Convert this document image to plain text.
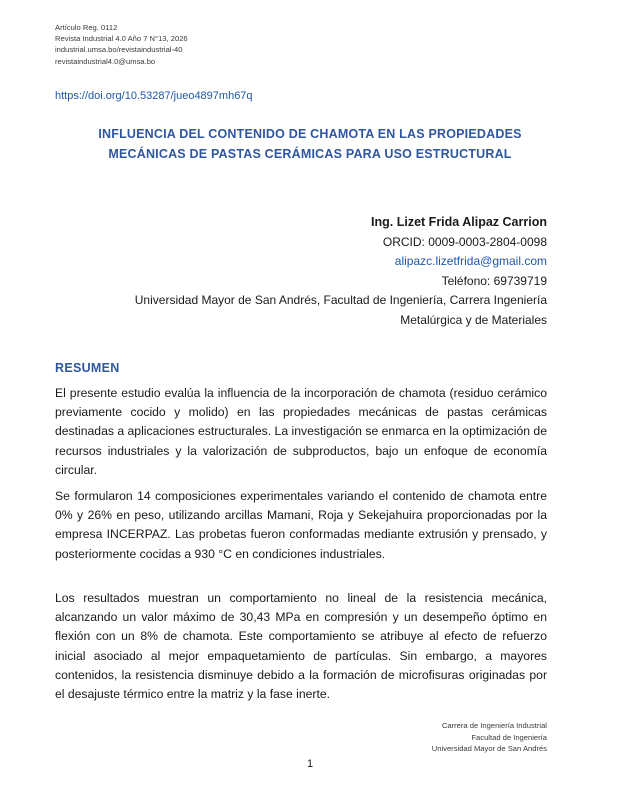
Artículo Reg. 0112
Revista Industrial 4.0 Año 7 N°13, 2026
industrial.umsa.bo/revistaindustrial-40
revistaindustrial4.0@umsa.bo
https://doi.org/10.53287/jueo4897mh67q
INFLUENCIA DEL CONTENIDO DE CHAMOTA EN LAS PROPIEDADES
MECÁNICAS DE PASTAS CERÁMICAS PARA USO ESTRUCTURAL
Ing. Lizet Frida Alipaz Carrion
ORCID: 0009-0003-2804-0098
alipazc.lizetfrida@gmail.com
Teléfono: 69739719
Universidad Mayor de San Andrés, Facultad de Ingeniería, Carrera Ingeniería
Metalúrgica y de Materiales
RESUMEN
El presente estudio evalúa la influencia de la incorporación de chamota (residuo cerámico previamente cocido y molido) en las propiedades mecánicas de pastas cerámicas destinadas a aplicaciones estructurales. La investigación se enmarca en la optimización de recursos industriales y la valorización de subproductos, bajo un enfoque de economía circular.
Se formularon 14 composiciones experimentales variando el contenido de chamota entre 0% y 26% en peso, utilizando arcillas Mamani, Roja y Sekejahuira proporcionadas por la empresa INCERPAZ. Las probetas fueron conformadas mediante extrusión y prensado, y posteriormente cocidas a 930 °C en condiciones industriales.
Los resultados muestran un comportamiento no lineal de la resistencia mecánica, alcanzando un valor máximo de 30,43 MPa en compresión y un desempeño óptimo en flexión con un 8% de chamota. Este comportamiento se atribuye al efecto de refuerzo inicial asociado al mejor empaquetamiento de partículas. Sin embargo, a mayores contenidos, la resistencia disminuye debido a la formación de microfisuras originadas por el desajuste térmico entre la matriz y la fase inerte.
Carrera de Ingeniería Industrial
Facultad de Ingeniería
Universidad Mayor de San Andrés
1
